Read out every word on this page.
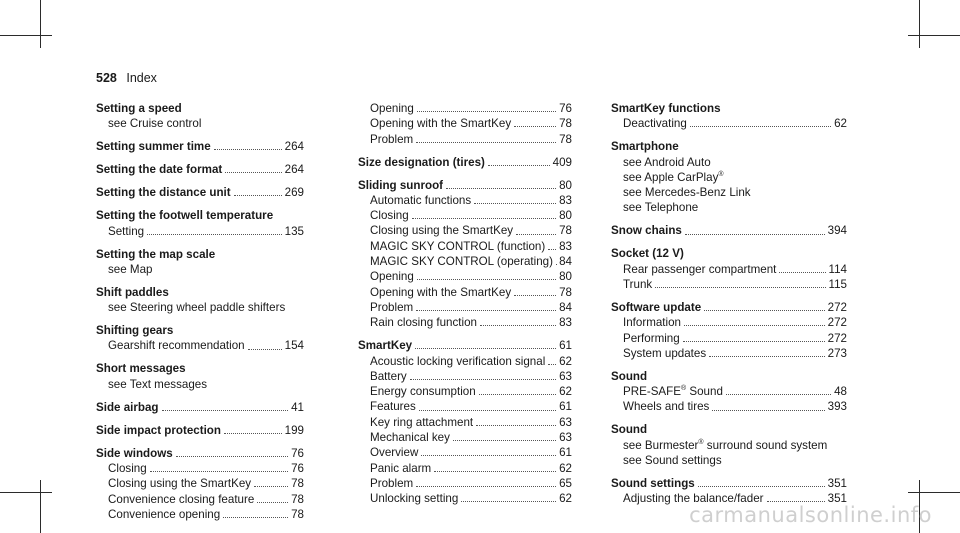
528 Index
Setting a speed
see Cruise control
Setting summer time	264
Setting the date format	264
Setting the distance unit	269
Setting the footwell temperature
Setting	135
Setting the map scale
see Map
Shift paddles
see Steering wheel paddle shifters
Shifting gears
Gearshift recommendation	154
Short messages
see Text messages
Side airbag	41
Side impact protection	199
Side windows	76
Closing	76
Closing using the SmartKey	78
Convenience closing feature	78
Convenience opening	78
Opening	76
Opening with the SmartKey	78
Problem	78
Size designation (tires)	409
Sliding sunroof	80
Automatic functions	83
Closing	80
Closing using the SmartKey	78
MAGIC SKY CONTROL (function) 83
MAGIC SKY CONTROL (operating) 84
Opening	80
Opening with the SmartKey	78
Problem	84
Rain closing function	83
SmartKey	61
Acoustic locking verification signal 62
Battery	63
Energy consumption	62
Features	61
Key ring attachment	63
Mechanical key	63
Overview	61
Panic alarm	62
Problem	65
Unlocking setting	62
SmartKey functions
Deactivating	62
Smartphone
see Android Auto
see Apple CarPlay®
see Mercedes-Benz Link
see Telephone
Snow chains	394
Socket (12 V)
Rear passenger compartment	114
Trunk	115
Software update	272
Information	272
Performing	272
System updates	273
Sound
PRE-SAFE® Sound	48
Wheels and tires	393
Sound
see Burmester® surround sound system
see Sound settings
Sound settings	351
Adjusting the balance/fader	351
carmanualsonline.info
